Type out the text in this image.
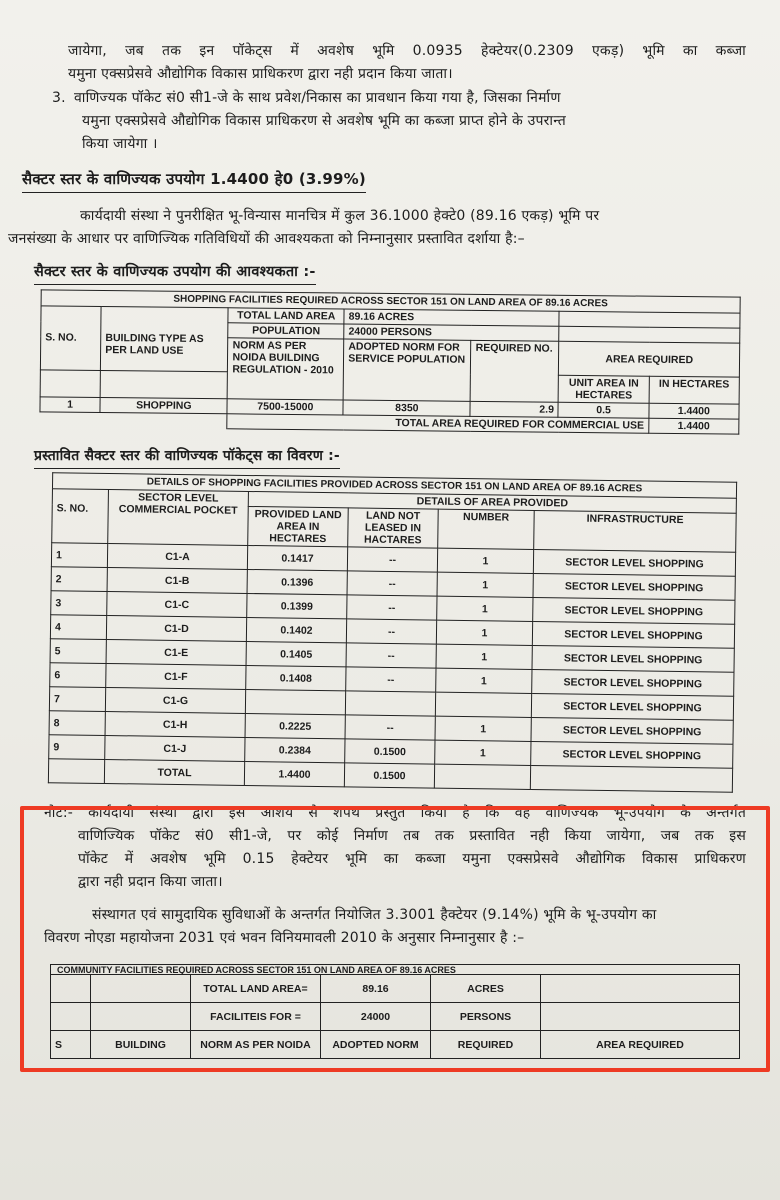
जायेगा, जब तक इन पॉकेट्स में अवशेष भूमि 0.0935 हेक्टेयर(0.2309 एकड़) भूमि का कब्जा
यमुना एक्सप्रेसवे औद्योगिक विकास प्राधिकरण द्वारा नही प्रदान किया जाता।
3. वाणिज्यक पॉकेट सं0 सी1-जे के साथ प्रवेश/निकास का प्रावधान किया गया है, जिसका निर्माण
यमुना एक्सप्रेसवे औद्योगिक विकास प्राधिकरण से अवशेष भूमि का कब्जा प्राप्त होने के उपरान्त
किया जायेगा ।
सैक्टर स्तर के वाणिज्यक उपयोग 1.4400 हे0 (3.99%)
कार्यदायी संस्था ने पुनरीक्षित भू-विन्यास मानचित्र में कुल 36.1000 हेक्टे0 (89.16 एकड़) भूमि पर
जनसंख्या के आधार पर वाणिज्यिक गतिविधियों की आवश्यकता को निम्नानुसार प्रस्तावित दर्शाया है:–
सैक्टर स्तर के वाणिज्यक उपयोग की आवश्यकता :-
SHOPPING FACILITIES REQUIRED ACROSS SECTOR 151 ON LAND AREA OF 89.16 ACRES

S. NO.	BUILDING TYPE AS PER LAND USE	TOTAL LAND AREA	89.16 ACRES			
		POPULATION	24000 PERSONS			
		NORM AS PER NOIDA BUILDING REGULATION - 2010	ADOPTED NORM FOR SERVICE POPULATION	REQUIRED NO.	AREA REQUIRED	
					UNIT AREA IN HECTARES	IN HECTARES
1	SHOPPING	7500-15000	8350	2.9	0.5	1.4400
		TOTAL AREA REQUIRED FOR COMMERCIAL USE				1.4400
प्रस्तावित सैक्टर स्तर की वाणिज्यक पॉकेट्स का विवरण :-
DETAILS OF SHOPPING FACILITIES PROVIDED ACROSS SECTOR 151 ON LAND AREA OF 89.16 ACRES

S. NO.	SECTOR LEVEL COMMERCIAL POCKET	DETAILS OF AREA PROVIDED			
		PROVIDED LAND AREA IN HECTARES	LAND NOT LEASED IN HACTARES	NUMBER	INFRASTRUCTURE
1	C1-A	0.1417	--	1	SECTOR LEVEL SHOPPING
2	C1-B	0.1396	--	1	SECTOR LEVEL SHOPPING
3	C1-C	0.1399	--	1	SECTOR LEVEL SHOPPING
4	C1-D	0.1402	--	1	SECTOR LEVEL SHOPPING
5	C1-E	0.1405	--	1	SECTOR LEVEL SHOPPING
6	C1-F	0.1408	--	1	SECTOR LEVEL SHOPPING
7	C1-G				SECTOR LEVEL SHOPPING
8	C1-H	0.2225	--	1	SECTOR LEVEL SHOPPING
9	C1-J	0.2384	0.1500	1	SECTOR LEVEL SHOPPING
	TOTAL	1.4400	0.1500		
नोट:- कार्यदायी संस्था द्वारा इस आशय से शपथ प्रस्तुत किया है कि वह वाणिज्यक भू-उपयोग के अन्तर्गत
वाणिज्यिक पॉकेट सं0 सी1-जे, पर कोई निर्माण तब तक प्रस्तावित नही किया जायेगा, जब तक इस
पॉकेट में अवशेष भूमि 0.15 हेक्टेयर भूमि का कब्जा यमुना एक्सप्रेसवे औद्योगिक विकास प्राधिकरण
द्वारा नही प्रदान किया जाता।
संस्थागत एवं सामुदायिक सुविधाओं के अन्तर्गत नियोजित 3.3001 हैक्टेयर (9.14%) भूमि के भू-उपयोग का
विवरण नोएडा महायोजना 2031 एवं भवन विनियमावली 2010 के अनुसार निम्नानुसार है :–
COMMUNITY FACILITIES REQUIRED ACROSS SECTOR 151 ON LAND AREA OF 89.16 ACRES
		TOTAL LAND AREA=	89.16	ACRES	
		FACILITEIS FOR =	24000	PERSONS	
S	BUILDING	NORM AS PER NOIDA	ADOPTED NORM	REQUIRED	AREA REQUIRED
